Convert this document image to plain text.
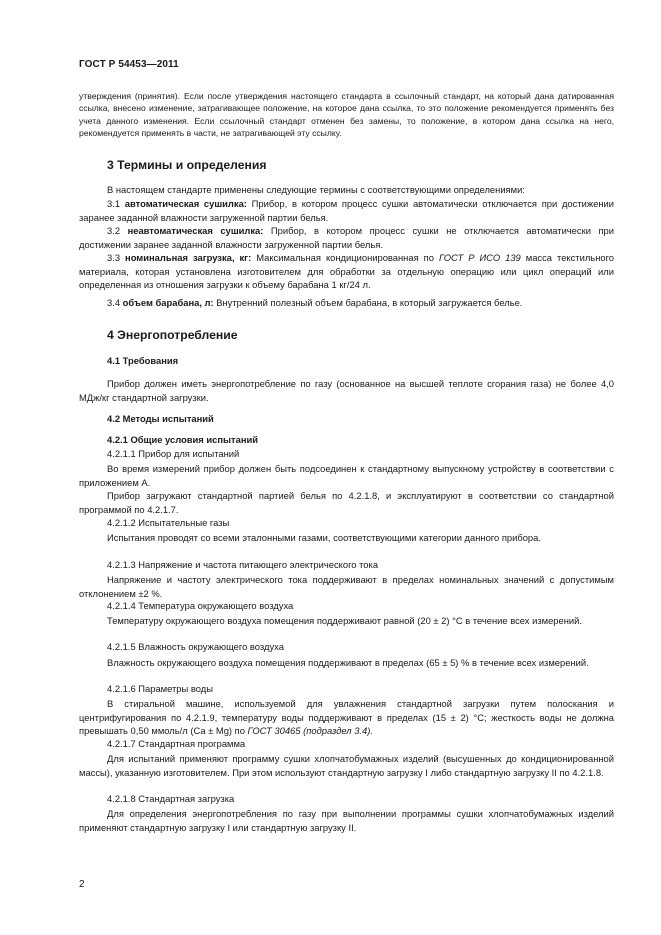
ГОСТ Р 54453—2011
утверждения (принятия). Если после утверждения настоящего стандарта в ссылочный стандарт, на который дана датированная ссылка, внесено изменение, затрагивающее положение, на которое дана ссылка, то это положение рекомендуется применять без учета данного изменения. Если ссылочный стандарт отменен без замены, то положение, в котором дана ссылка на него, рекомендуется применять в части, не затрагивающей эту ссылку.
3 Термины и определения
В настоящем стандарте применены следующие термины с соответствующими определениями:
3.1 автоматическая сушилка: Прибор, в котором процесс сушки автоматически отключается при достижении заранее заданной влажности загруженной партии белья.
3.2 неавтоматическая сушилка: Прибор, в котором процесс сушки не отключается автоматически при достижении заранее заданной влажности загруженной партии белья.
3.3 номинальная загрузка, кг: Максимальная кондиционированная по ГОСТ Р ИСО 139 масса текстильного материала, которая установлена изготовителем для обработки за отдельную операцию или цикл операций или определенная из отношения загрузки к объему барабана 1 кг/24 л.
3.4 объем барабана, л: Внутренний полезный объем барабана, в который загружается белье.
4 Энергопотребление
4.1 Требования
Прибор должен иметь энергопотребление по газу (основанное на высшей теплоте сгорания газа) не более 4,0 МДж/кг стандартной загрузки.
4.2 Методы испытаний
4.2.1 Общие условия испытаний
4.2.1.1 Прибор для испытаний
Во время измерений прибор должен быть подсоединен к стандартному выпускному устройству в соответствии с приложением А.
Прибор загружают стандартной партией белья по 4.2.1.8, и эксплуатируют в соответствии со стандартной программой по 4.2.1.7.
4.2.1.2 Испытательные газы
Испытания проводят со всеми эталонными газами, соответствующими категории данного прибора.
4.2.1.3 Напряжение и частота питающего электрического тока
Напряжение и частоту электрического тока поддерживают в пределах номинальных значений с допустимым отклонением ±2 %.
4.2.1.4 Температура окружающего воздуха
Температуру окружающего воздуха помещения поддерживают равной (20 ± 2) °С в течение всех измерений.
4.2.1.5 Влажность окружающего воздуха
Влажность окружающего воздуха помещения поддерживают в пределах (65 ± 5) % в течение всех измерений.
4.2.1.6 Параметры воды
В стиральной машине, используемой для увлажнения стандартной загрузки путем полоскания и центрифугирования по 4.2.1.9, температуру воды поддерживают в пределах (15 ± 2) °С; жесткость воды не должна превышать 0,50 ммоль/л (Са ± Mg) по ГОСТ 30465 (подраздел 3.4).
4.2.1.7 Стандартная программа
Для испытаний применяют программу сушки хлопчатобумажных изделий (высушенных до кондиционированной массы), указанную изготовителем. При этом используют стандартную загрузку I либо стандартную загрузку II по 4.2.1.8.
4.2.1.8 Стандартная загрузка
Для определения энергопотребления по газу при выполнении программы сушки хлопчатобумажных изделий применяют стандартную загрузку I или стандартную загрузку II.
2
